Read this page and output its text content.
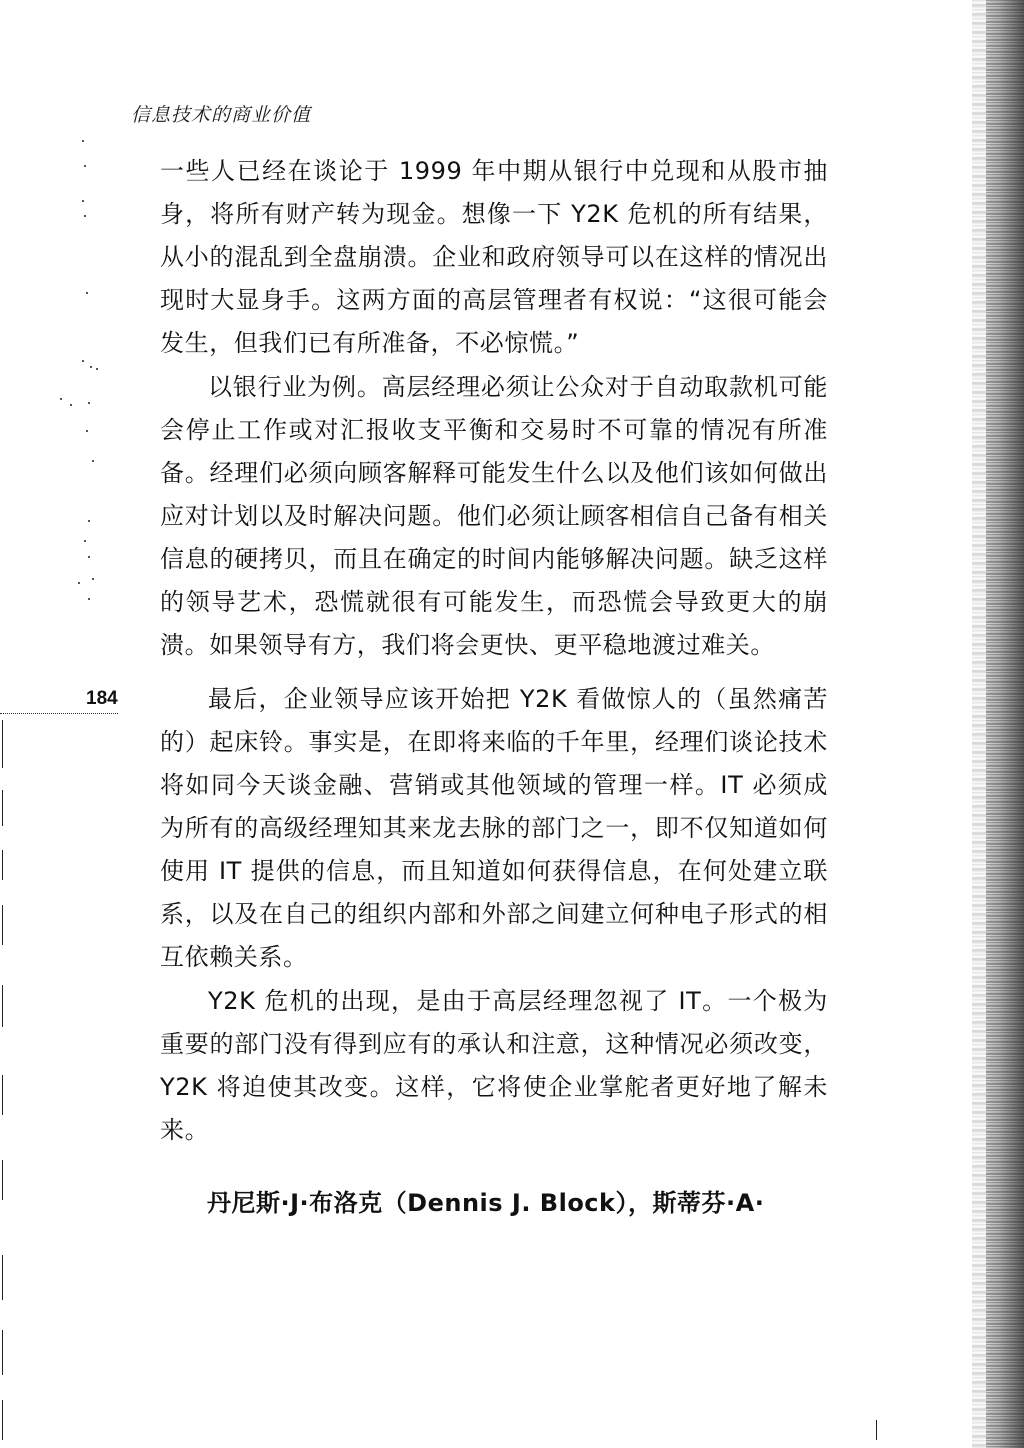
信息技术的商业价值

一些人已经在谈论于 1999 年中期从银行中兑现和从股市抽身，将所有财产转为现金。想像一下 Y2K 危机的所有结果，从小的混乱到全盘崩溃。企业和政府领导可以在这样的情况出现时大显身手。这两方面的高层管理者有权说：“这很可能会发生，但我们已有所准备，不必惊慌。”

以银行业为例。高层经理必须让公众对于自动取款机可能会停止工作或对汇报收支平衡和交易时不可靠的情况有所准备。经理们必须向顾客解释可能发生什么以及他们该如何做出应对计划以及时解决问题。他们必须让顾客相信自己备有相关信息的硬拷贝，而且在确定的时间内能够解决问题。缺乏这样的领导艺术，恐慌就很有可能发生，而恐慌会导致更大的崩溃。如果领导有方，我们将会更快、更平稳地渡过难关。

最后，企业领导应该开始把 Y2K 看做惊人的（虽然痛苦的）起床铃。事实是，在即将来临的千年里，经理们谈论技术将如同今天谈金融、营销或其他领域的管理一样。IT 必须成为所有的高级经理知其来龙去脉的部门之一，即不仅知道如何使用 IT 提供的信息，而且知道如何获得信息，在何处建立联系，以及在自己的组织内部和外部之间建立何种电子形式的相互依赖关系。

Y2K 危机的出现，是由于高层经理忽视了 IT。一个极为重要的部门没有得到应有的承认和注意，这种情况必须改变，Y2K 将迫使其改变。这样，它将使企业掌舵者更好地了解未来。

丹尼斯·J·布洛克（Dennis J. Block），斯蒂芬·A·
184
